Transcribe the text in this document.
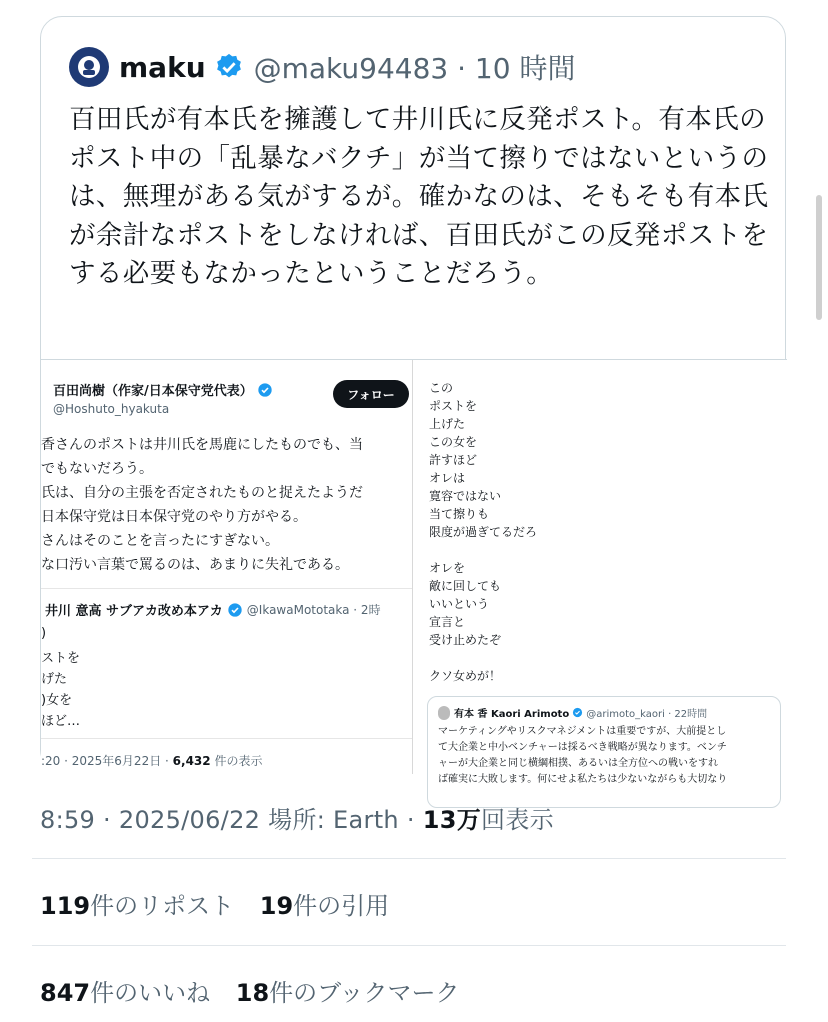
maku @maku94483 · 10 時間
百田氏が有本氏を擁護して井川氏に反発ポスト。有本氏のポスト中の「乱暴なバクチ」が当て擦りではないというのは、無理がある気がするが。確かなのは、そもそも有本氏が余計なポストをしなければ、百田氏がこの反発ポストをする必要もなかったということだろう。
百田尚樹（作家/日本保守党代表）
@Hoshuto_hyakuta
フォロー
香さんのポストは井川氏を馬鹿にしたものでも、当
でもないだろう。
氏は、自分の主張を否定されたものと捉えたようだ
日本保守党は日本保守党のやり方がやる。
さんはそのことを言ったにすぎない。
な口汚い言葉で罵るのは、あまりに失礼である。
井川 意高 サブアカ改め本アカ @IkawaMototaka · 2時
)
ストを
げた
)女を
ほど…
:20 · 2025年6月22日 · 6,432 件の表示
この
ポストを
上げた
この女を
許すほど
オレは
寛容ではない
当て擦りも
限度が過ぎてるだろ
オレを
敵に回しても
いいという
宣言と
受け止めたぞ
クソ女めが！
有本 香 Kaori Arimoto @arimoto_kaori · 22時間
マーケティングやリスクマネジメントは重要ですが、大前提とし
て大企業と中小ベンチャーは採るべき戦略が異なります。ベンチ
ャーが大企業と同じ横綱相撲、あるいは全方位への戦いをすれ
ば確実に大敗します。何にせよ私たちは少ないながらも大切なり
8:59 · 2025/06/22 場所: Earth · 13万回表示
119件のリポスト 19件の引用
847件のいいね 18件のブックマーク
